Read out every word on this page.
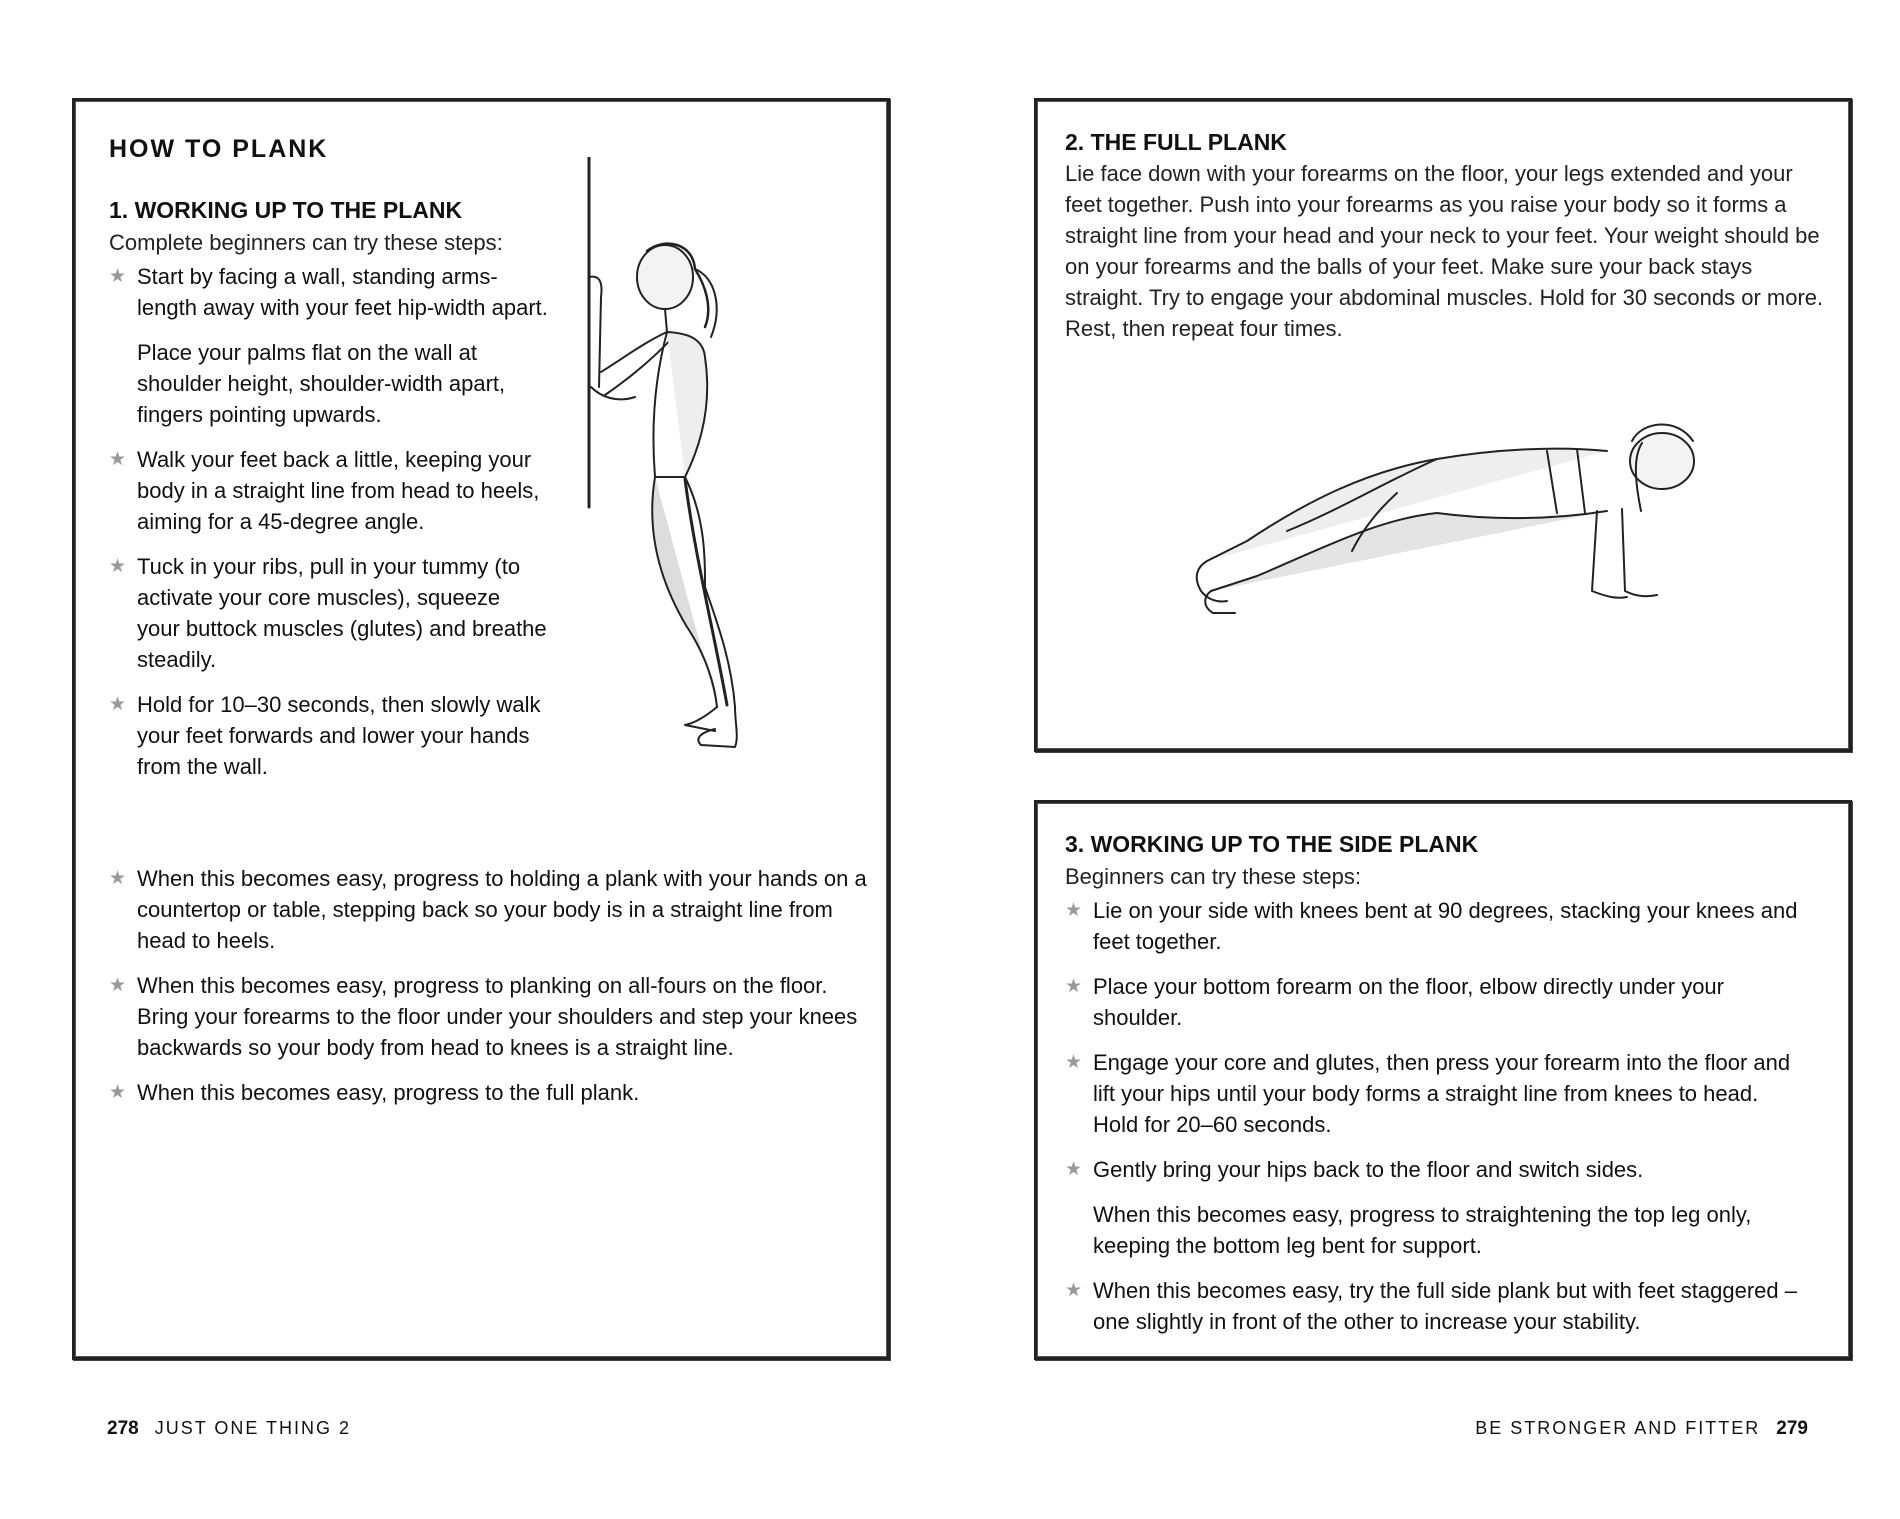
HOW TO PLANK
1. WORKING UP TO THE PLANK

Complete beginners can try these steps:

★ Start by facing a wall, standing arms-length away with your feet hip-width apart.
Place your palms flat on the wall at shoulder height, shoulder-width apart, fingers pointing upwards.
★ Walk your feet back a little, keeping your body in a straight line from head to heels, aiming for a 45-degree angle.
★ Tuck in your ribs, pull in your tummy (to activate your core muscles), squeeze your buttock muscles (glutes) and breathe steadily.
★ Hold for 10–30 seconds, then slowly walk your feet forwards and lower your hands from the wall.
★ When this becomes easy, progress to holding a plank with your hands on a countertop or table, stepping back so your body is in a straight line from head to heels.
★ When this becomes easy, progress to planking on all-fours on the floor. Bring your forearms to the floor under your shoulders and step your knees backwards so your body from head to knees is a straight line.
★ When this becomes easy, progress to the full plank.
2. THE FULL PLANK

Lie face down with your forearms on the floor, your legs extended and your feet together. Push into your forearms as you raise your body so it forms a straight line from your head and your neck to your feet. Your weight should be on your forearms and the balls of your feet. Make sure your back stays straight. Try to engage your abdominal muscles. Hold for 30 seconds or more. Rest, then repeat four times.

3. WORKING UP TO THE SIDE PLANK

Beginners can try these steps:

★ Lie on your side with knees bent at 90 degrees, stacking your knees and feet together.
★ Place your bottom forearm on the floor, elbow directly under your shoulder.
★ Engage your core and glutes, then press your forearm into the floor and lift your hips until your body forms a straight line from knees to head. Hold for 20–60 seconds.
★ Gently bring your hips back to the floor and switch sides.
When this becomes easy, progress to straightening the top leg only, keeping the bottom leg bent for support.
★ When this becomes easy, try the full side plank but with feet staggered – one slightly in front of the other to increase your stability.
278 JUST ONE THING 2	BE STRONGER AND FITTER 279
